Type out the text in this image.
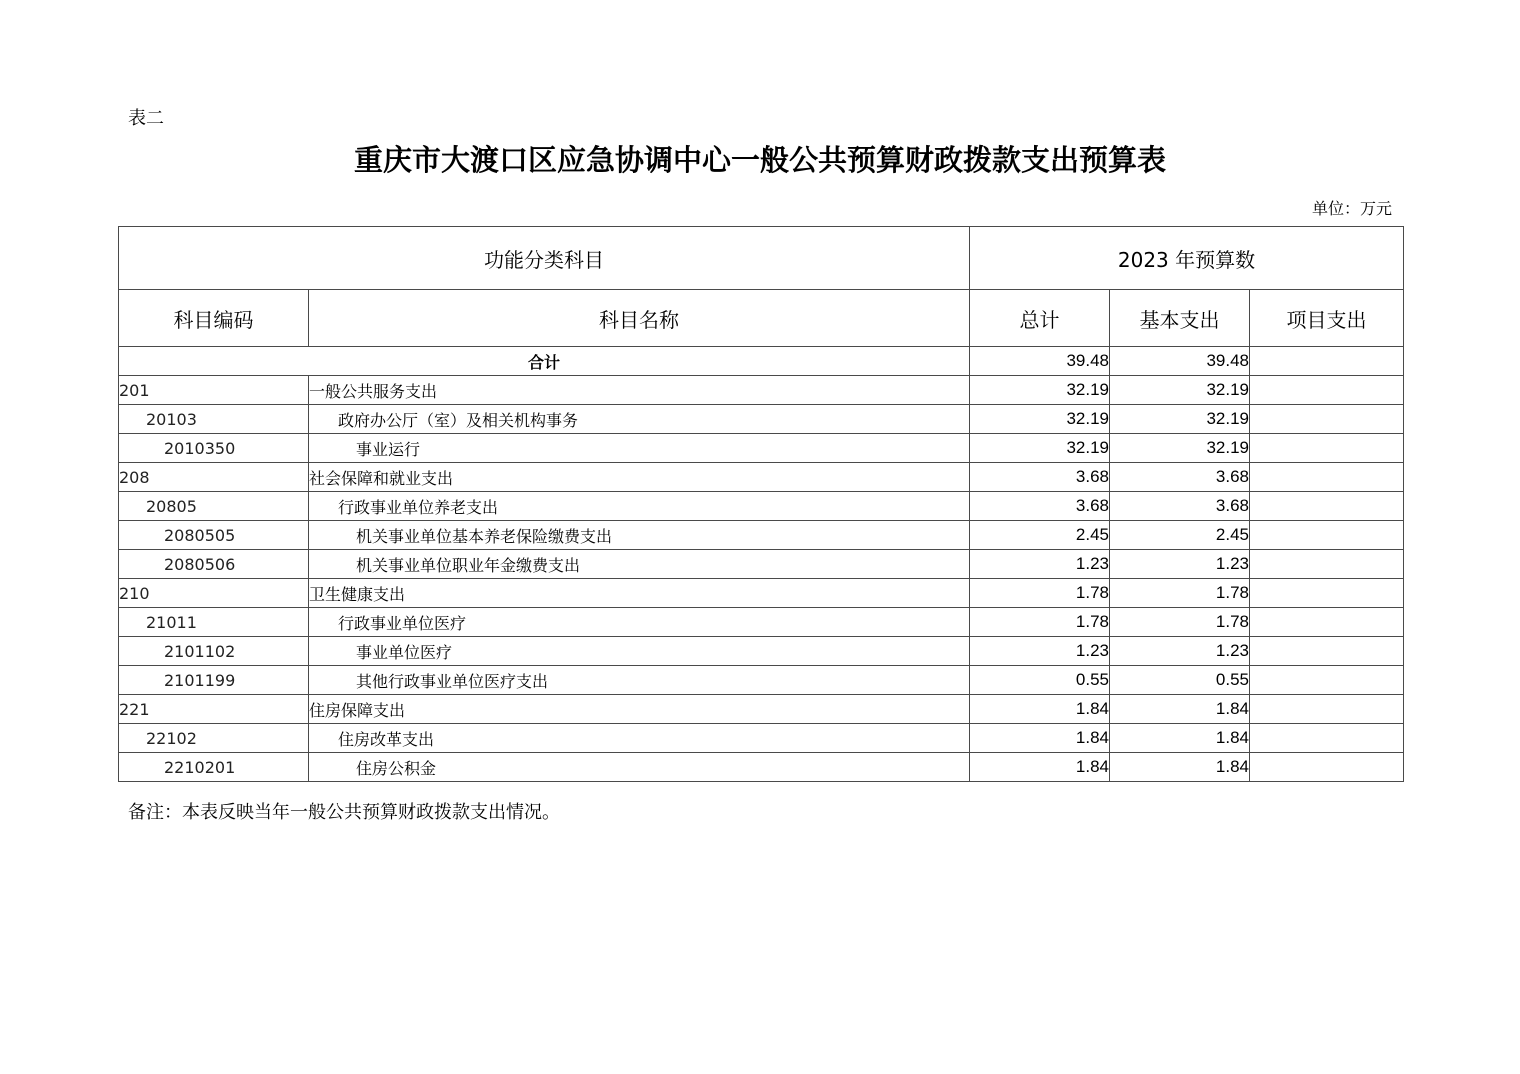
表二
重庆市大渡口区应急协调中心一般公共预算财政拨款支出预算表
单位：万元
功能分类科目		2023 年预算数		
科目编码	科目名称	总计	基本支出	项目支出
合计		39.48	39.48	
201	一般公共服务支出	32.19	32.19	
20103	政府办公厅（室）及相关机构事务	32.19	32.19	
2010350	事业运行	32.19	32.19	
208	社会保障和就业支出	3.68	3.68	
20805	行政事业单位养老支出	3.68	3.68	
2080505	机关事业单位基本养老保险缴费支出	2.45	2.45	
2080506	机关事业单位职业年金缴费支出	1.23	1.23	
210	卫生健康支出	1.78	1.78	
21011	行政事业单位医疗	1.78	1.78	
2101102	事业单位医疗	1.23	1.23	
2101199	其他行政事业单位医疗支出	0.55	0.55	
221	住房保障支出	1.84	1.84	
22102	住房改革支出	1.84	1.84	
2210201	住房公积金	1.84	1.84	
备注：本表反映当年一般公共预算财政拨款支出情况。
